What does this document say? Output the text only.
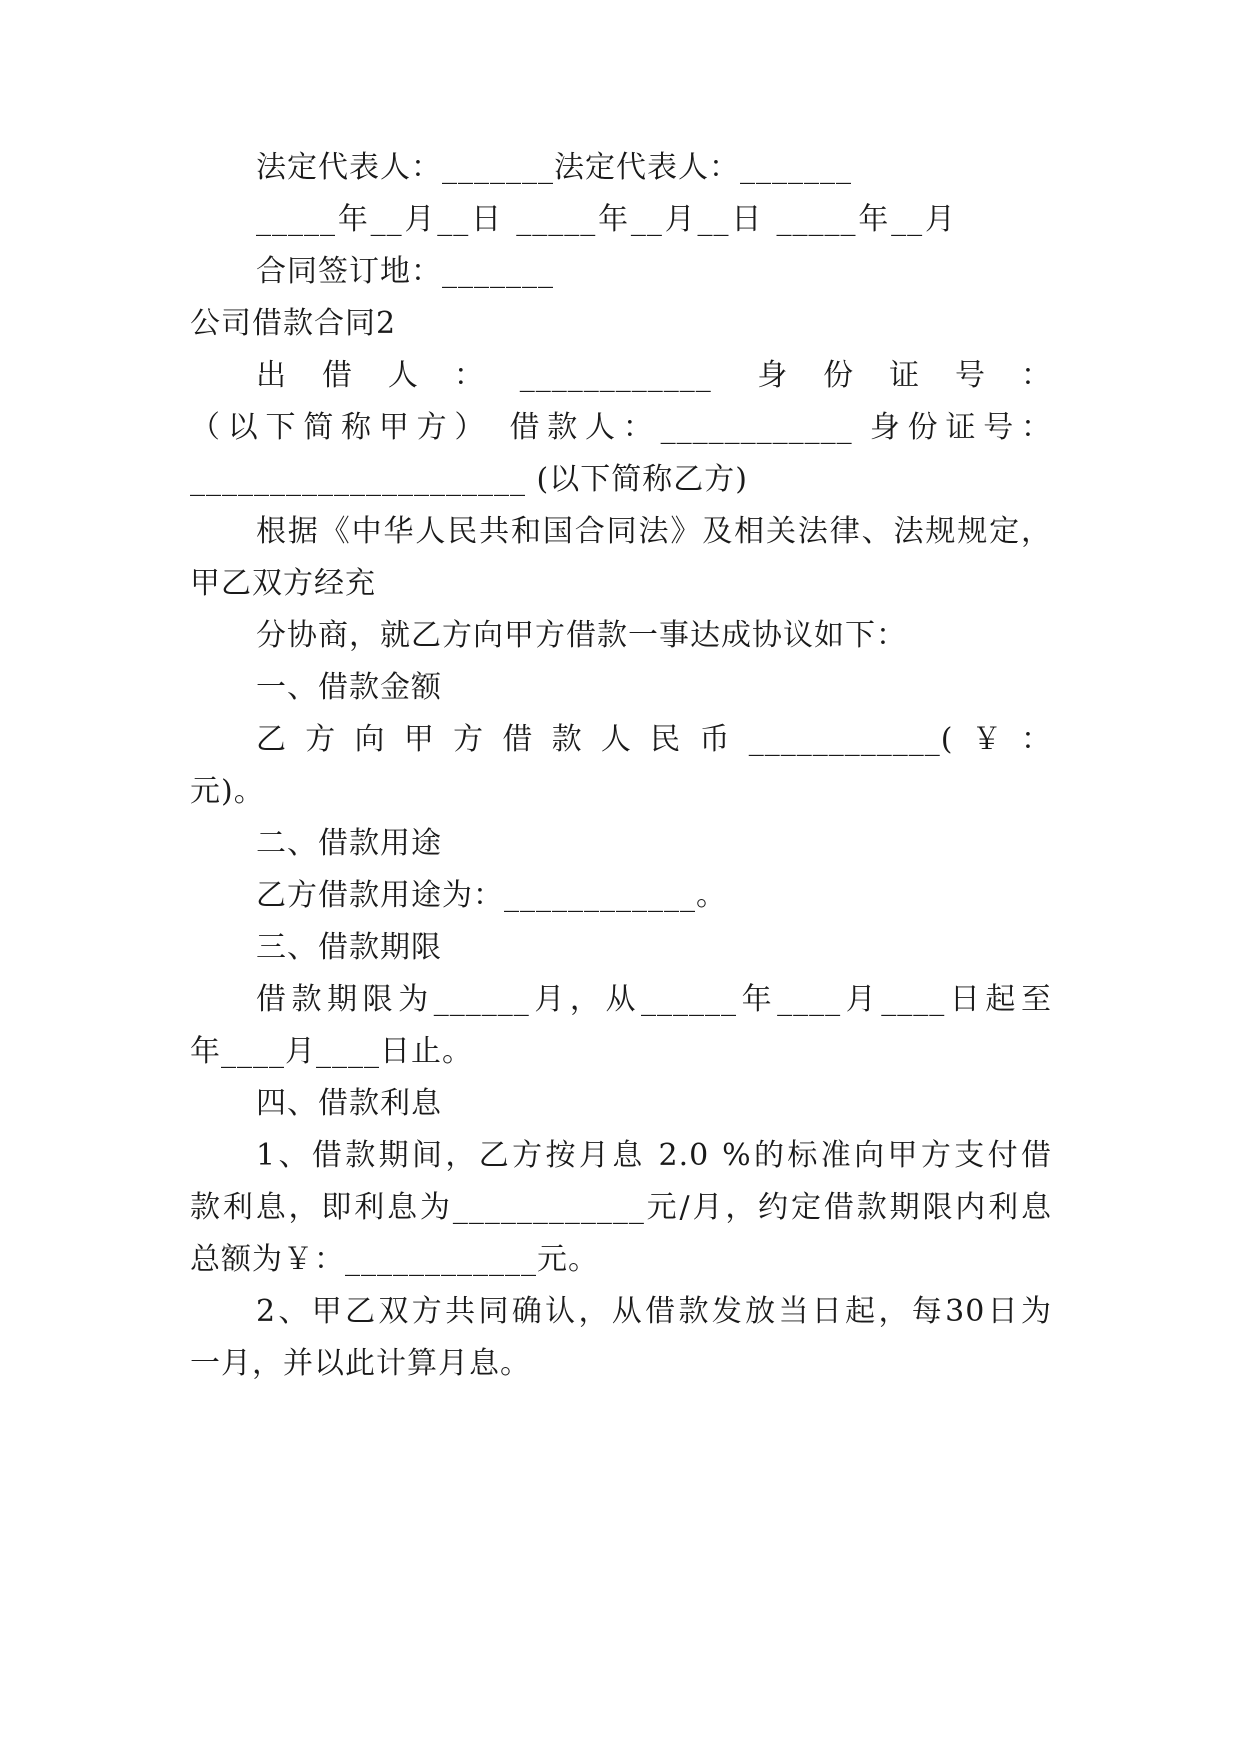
法定代表人：_______法定代表人：_______
_____年__月__日 _____年__月__日 _____年__月
合同签订地：_______
公司借款合同2
出借人：____________ 身份证号：
（以下简称甲方） 借款人：____________ 身份证号：
_____________________ (以下简称乙方)
根据《中华人民共和国合同法》及相关法律、法规规定，
甲乙双方经充
分协商，就乙方向甲方借款一事达成协议如下：
一、借款金额
乙方向甲方借款人民币____________(￥：
元)。
二、借款用途
乙方借款用途为：____________。
三、借款期限
借款期限为______月，从______年____月____日起至
年____月____日止。
四、借款利息
1、借款期间，乙方按月息 2.0 %的标准向甲方支付借
款利息，即利息为____________元/月，约定借款期限内利息
总额为￥：____________元。
2、甲乙双方共同确认，从借款发放当日起，每30日为
一月，并以此计算月息。
